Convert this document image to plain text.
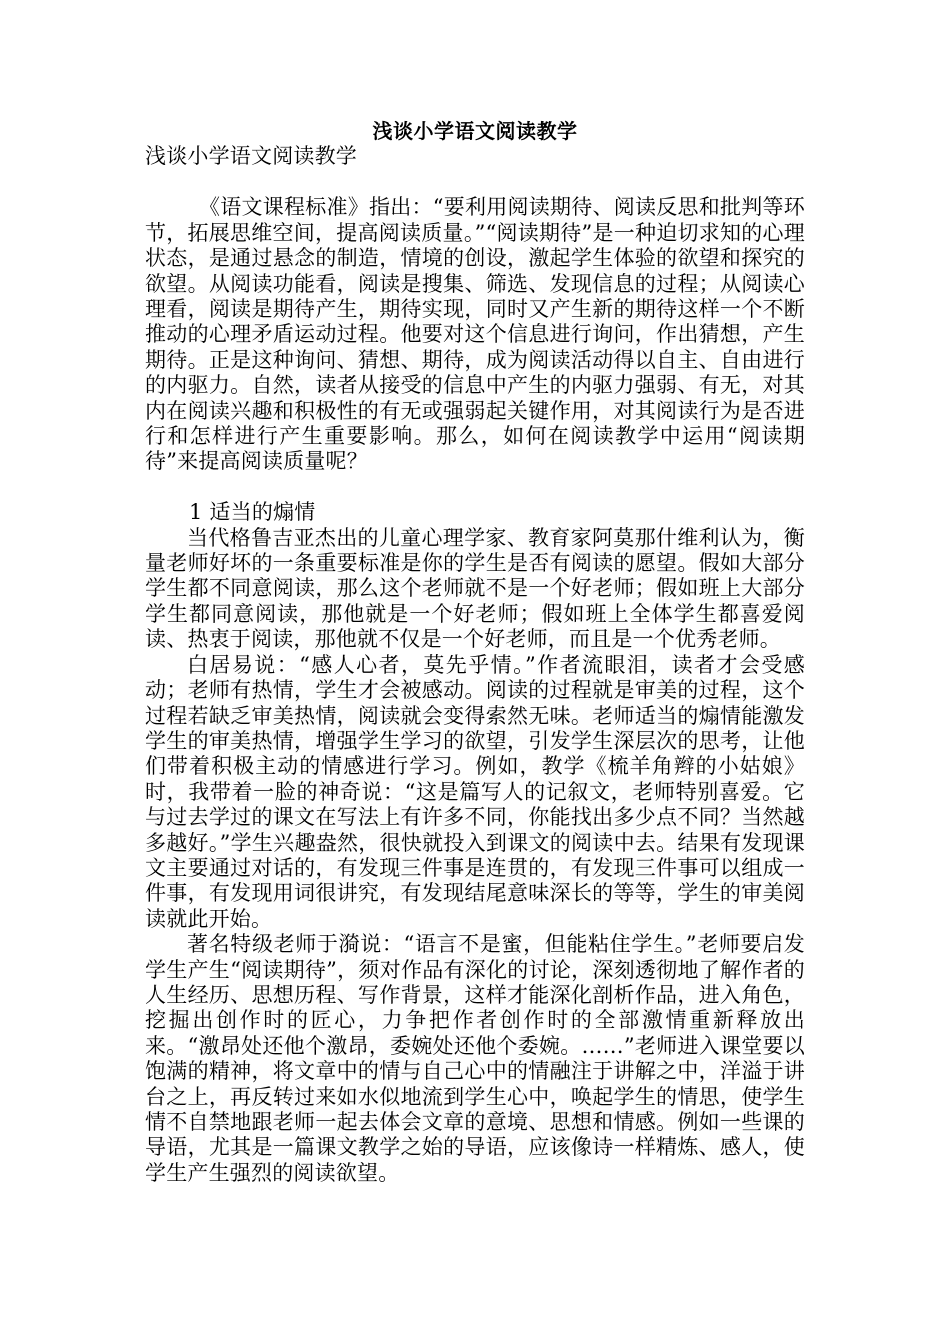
浅谈小学语文阅读教学

浅谈小学语文阅读教学

《语文课程标准》指出：“要利用阅读期待、阅读反思和批判等环节，拓展思维空间，提高阅读质量。”“阅读期待”是一种迫切求知的心理状态，是通过悬念的制造，情境的创设，激起学生体验的欲望和探究的欲望。从阅读功能看，阅读是搜集、筛选、发现信息的过程；从阅读心理看，阅读是期待产生，期待实现，同时又产生新的期待这样一个不断推动的心理矛盾运动过程。他要对这个信息进行询问，作出猜想，产生期待。正是这种询问、猜想、期待，成为阅读活动得以自主、自由进行的内驱力。自然，读者从接受的信息中产生的内驱力强弱、有无，对其内在阅读兴趣和积极性的有无或强弱起关键作用，对其阅读行为是否进行和怎样进行产生重要影响。那么，如何在阅读教学中运用“阅读期待”来提高阅读质量呢？

1 适当的煽情

当代格鲁吉亚杰出的儿童心理学家、教育家阿莫那什维利认为，衡量老师好坏的一条重要标准是你的学生是否有阅读的愿望。假如大部分学生都不同意阅读，那么这个老师就不是一个好老师；假如班上大部分学生都同意阅读，那他就是一个好老师；假如班上全体学生都喜爱阅读、热衷于阅读，那他就不仅是一个好老师，而且是一个优秀老师。

白居易说：“感人心者，莫先乎情。”作者流眼泪，读者才会受感动；老师有热情，学生才会被感动。阅读的过程就是审美的过程，这个过程若缺乏审美热情，阅读就会变得索然无味。老师适当的煽情能激发学生的审美热情，增强学生学习的欲望，引发学生深层次的思考，让他们带着积极主动的情感进行学习。例如，教学《梳羊角辫的小姑娘》时，我带着一脸的神奇说：“这是篇写人的记叙文，老师特别喜爱。它与过去学过的课文在写法上有许多不同，你能找出多少点不同？当然越多越好。”学生兴趣盎然，很快就投入到课文的阅读中去。结果有发现课文主要通过对话的，有发现三件事是连贯的，有发现三件事可以组成一件事，有发现用词很讲究，有发现结尾意味深长的等等，学生的审美阅读就此开始。

著名特级老师于漪说：“语言不是蜜，但能粘住学生。”老师要启发学生产生“阅读期待”，须对作品有深化的讨论，深刻透彻地了解作者的人生经历、思想历程、写作背景，这样才能深化剖析作品，进入角色，挖掘出创作时的匠心，力争把作者创作时的全部激情重新释放出来。“激昂处还他个激昂，委婉处还他个委婉。……”老师进入课堂要以饱满的精神，将文章中的情与自己心中的情融注于讲解之中，洋溢于讲台之上，再反转过来如水似地流到学生心中，唤起学生的情思，使学生情不自禁地跟老师一起去体会文章的意境、思想和情感。例如一些课的导语，尤其是一篇课文教学之始的导语，应该像诗一样精炼、感人，使学生产生强烈的阅读欲望。
